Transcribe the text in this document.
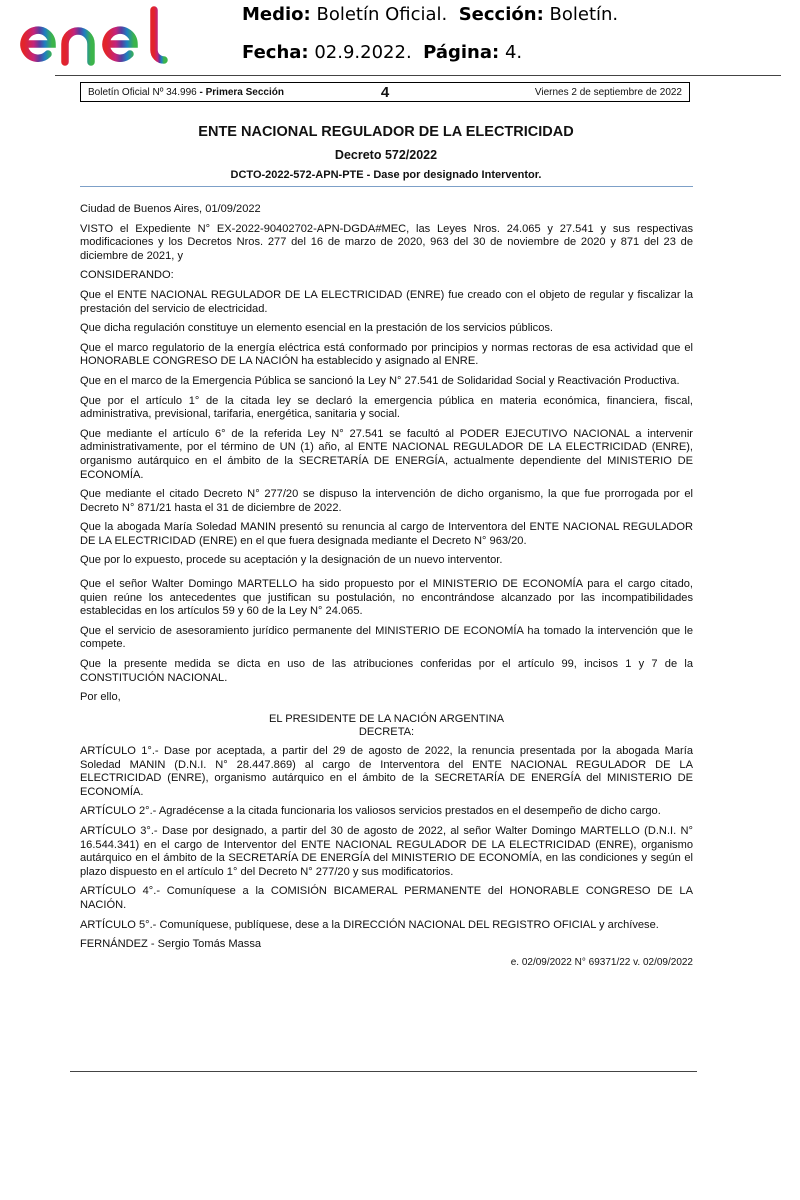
Medio: Boletín Oficial. Sección: Boletín.
Fecha: 02.9.2022. Página: 4.
Boletín Oficial Nº 34.996 - Primera Sección	4	Viernes 2 de septiembre de 2022
ENTE NACIONAL REGULADOR DE LA ELECTRICIDAD
Decreto 572/2022
DCTO-2022-572-APN-PTE - Dase por designado Interventor.

Ciudad de Buenos Aires, 01/09/2022

VISTO el Expediente N° EX-2022-90402702-APN-DGDA#MEC, las Leyes Nros. 24.065 y 27.541 y sus respectivas modificaciones y los Decretos Nros. 277 del 16 de marzo de 2020, 963 del 30 de noviembre de 2020 y 871 del 23 de diciembre de 2021, y

CONSIDERANDO:

Que el ENTE NACIONAL REGULADOR DE LA ELECTRICIDAD (ENRE) fue creado con el objeto de regular y fiscalizar la prestación del servicio de electricidad.

Que dicha regulación constituye un elemento esencial en la prestación de los servicios públicos.

Que el marco regulatorio de la energía eléctrica está conformado por principios y normas rectoras de esa actividad que el HONORABLE CONGRESO DE LA NACIÓN ha establecido y asignado al ENRE.

Que en el marco de la Emergencia Pública se sancionó la Ley N° 27.541 de Solidaridad Social y Reactivación Productiva.

Que por el artículo 1° de la citada ley se declaró la emergencia pública en materia económica, financiera, fiscal, administrativa, previsional, tarifaria, energética, sanitaria y social.

Que mediante el artículo 6° de la referida Ley N° 27.541 se facultó al PODER EJECUTIVO NACIONAL a intervenir administrativamente, por el término de UN (1) año, al ENTE NACIONAL REGULADOR DE LA ELECTRICIDAD (ENRE), organismo autárquico en el ámbito de la SECRETARÍA DE ENERGÍA, actualmente dependiente del MINISTERIO DE ECONOMÍA.

Que mediante el citado Decreto N° 277/20 se dispuso la intervención de dicho organismo, la que fue prorrogada por el Decreto N° 871/21 hasta el 31 de diciembre de 2022.

Que la abogada María Soledad MANIN presentó su renuncia al cargo de Interventora del ENTE NACIONAL REGULADOR DE LA ELECTRICIDAD (ENRE) en el que fuera designada mediante el Decreto N° 963/20.

Que por lo expuesto, procede su aceptación y la designación de un nuevo interventor.

Que el señor Walter Domingo MARTELLO ha sido propuesto por el MINISTERIO DE ECONOMÍA para el cargo citado, quien reúne los antecedentes que justifican su postulación, no encontrándose alcanzado por las incompatibilidades establecidas en los artículos 59 y 60 de la Ley N° 24.065.

Que el servicio de asesoramiento jurídico permanente del MINISTERIO DE ECONOMÍA ha tomado la intervención que le compete.

Que la presente medida se dicta en uso de las atribuciones conferidas por el artículo 99, incisos 1 y 7 de la CONSTITUCIÓN NACIONAL.

Por ello,

EL PRESIDENTE DE LA NACIÓN ARGENTINA
DECRETA:

ARTÍCULO 1°.- Dase por aceptada, a partir del 29 de agosto de 2022, la renuncia presentada por la abogada María Soledad MANIN (D.N.I. N° 28.447.869) al cargo de Interventora del ENTE NACIONAL REGULADOR DE LA ELECTRICIDAD (ENRE), organismo autárquico en el ámbito de la SECRETARÍA DE ENERGÍA del MINISTERIO DE ECONOMÍA.

ARTÍCULO 2°.- Agradécense a la citada funcionaria los valiosos servicios prestados en el desempeño de dicho cargo.

ARTÍCULO 3°.- Dase por designado, a partir del 30 de agosto de 2022, al señor Walter Domingo MARTELLO (D.N.I. N° 16.544.341) en el cargo de Interventor del ENTE NACIONAL REGULADOR DE LA ELECTRICIDAD (ENRE), organismo autárquico en el ámbito de la SECRETARÍA DE ENERGÍA del MINISTERIO DE ECONOMÍA, en las condiciones y según el plazo dispuesto en el artículo 1° del Decreto N° 277/20 y sus modificatorios.

ARTÍCULO 4°.- Comuníquese a la COMISIÓN BICAMERAL PERMANENTE del HONORABLE CONGRESO DE LA NACIÓN.

ARTÍCULO 5°.- Comuníquese, publíquese, dese a la DIRECCIÓN NACIONAL DEL REGISTRO OFICIAL y archívese.

FERNÁNDEZ - Sergio Tomás Massa

e. 02/09/2022 N° 69371/22 v. 02/09/2022
